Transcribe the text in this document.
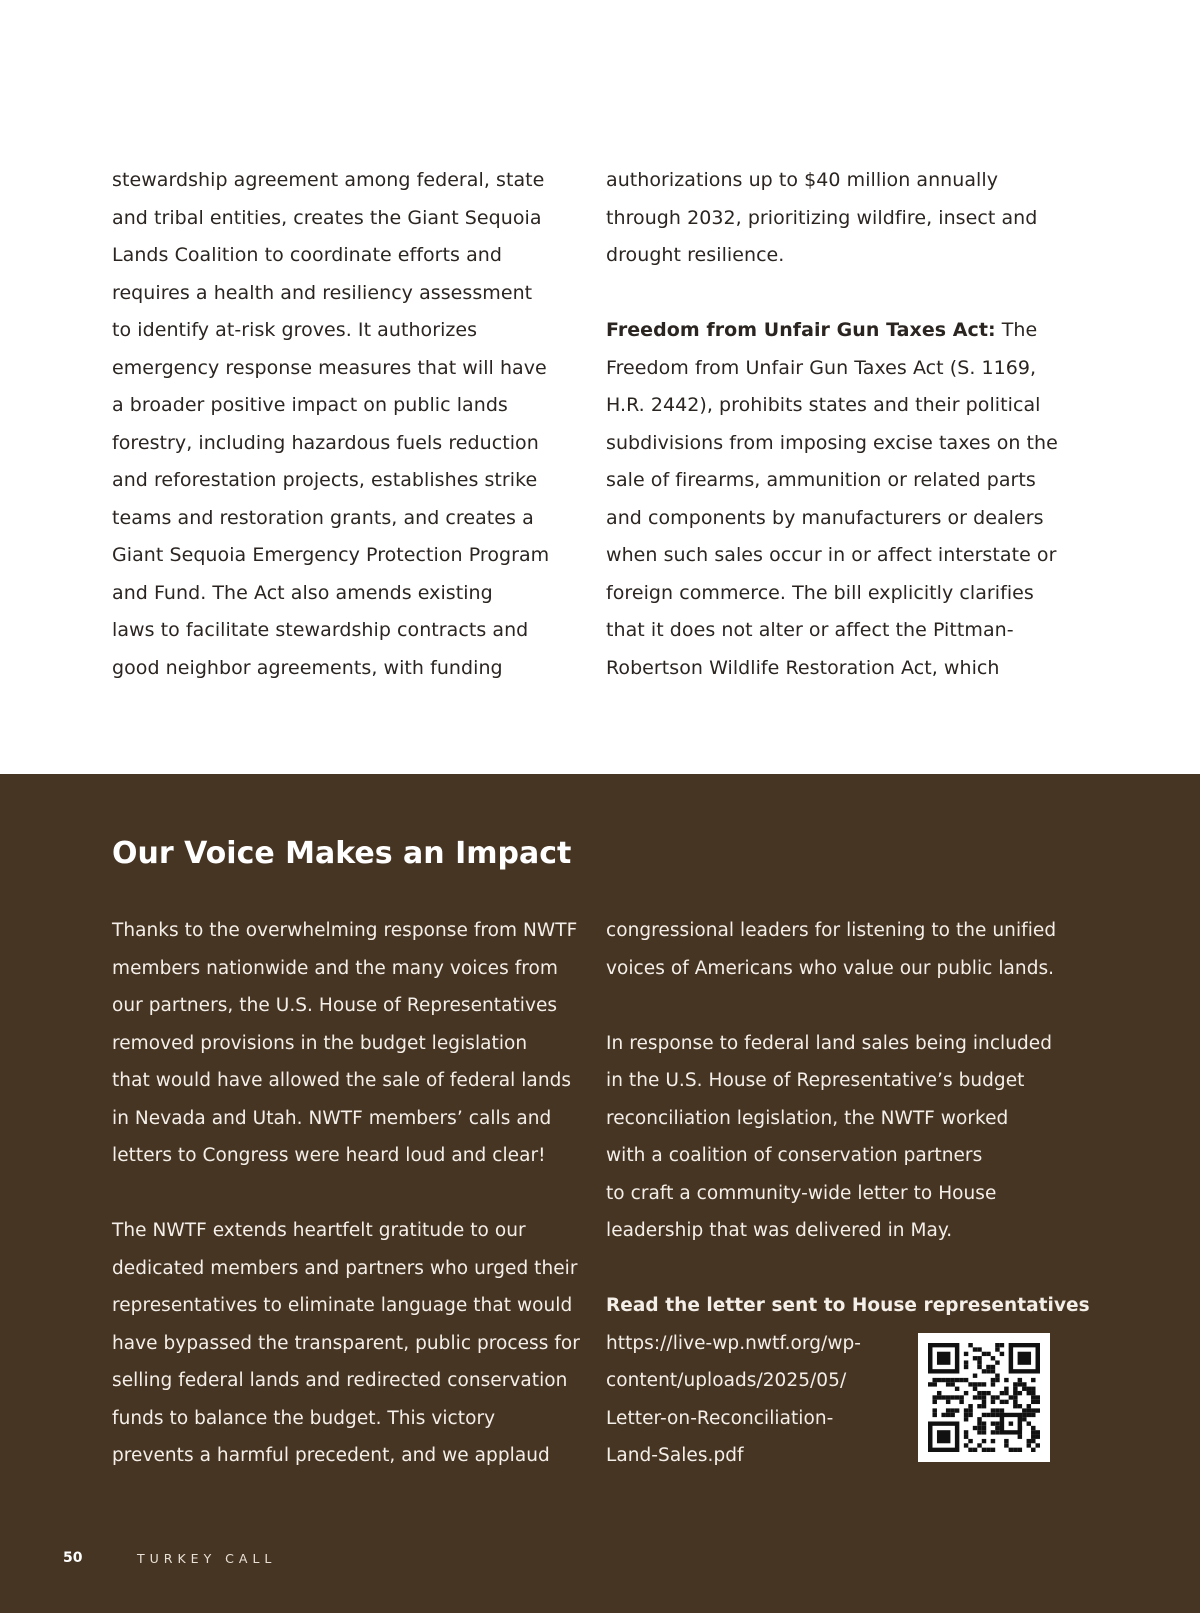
stewardship agreement among federal, state
and tribal entities, creates the Giant Sequoia
Lands Coalition to coordinate efforts and
requires a health and resiliency assessment
to identify at-risk groves. It authorizes
emergency response measures that will have
a broader positive impact on public lands
forestry, including hazardous fuels reduction
and reforestation projects, establishes strike
teams and restoration grants, and creates a
Giant Sequoia Emergency Protection Program
and Fund. The Act also amends existing
laws to facilitate stewardship contracts and
good neighbor agreements, with funding
authorizations up to $40 million annually
through 2032, prioritizing wildfire, insect and
drought resilience.
Freedom from Unfair Gun Taxes Act: The
Freedom from Unfair Gun Taxes Act (S. 1169,
H.R. 2442), prohibits states and their political
subdivisions from imposing excise taxes on the
sale of firearms, ammunition or related parts
and components by manufacturers or dealers
when such sales occur in or affect interstate or
foreign commerce. The bill explicitly clarifies
that it does not alter or affect the Pittman-
Robertson Wildlife Restoration Act, which
Thanks to the overwhelming response from NWTF
members nationwide and the many voices from
our partners, the U.S. House of Representatives
removed provisions in the budget legislation
that would have allowed the sale of federal lands
in Nevada and Utah. NWTF members’ calls and
letters to Congress were heard loud and clear!
The NWTF extends heartfelt gratitude to our
dedicated members and partners who urged their
representatives to eliminate language that would
have bypassed the transparent, public process for
selling federal lands and redirected conservation
funds to balance the budget. This victory
prevents a harmful precedent, and we applaud
congressional leaders for listening to the unified
voices of Americans who value our public lands.
In response to federal land sales being included
in the U.S. House of Representative’s budget
reconciliation legislation, the NWTF worked
with a coalition of conservation partners
to craft a community-wide letter to House
leadership that was delivered in May.
Read the letter sent to House representatives
https://live-wp.nwtf.org/wp-
content/uploads/2025/05/
Letter-on-Reconciliation-
Land-Sales.pdf
Our Voice Makes an Impact
50	TURKEY CALL
